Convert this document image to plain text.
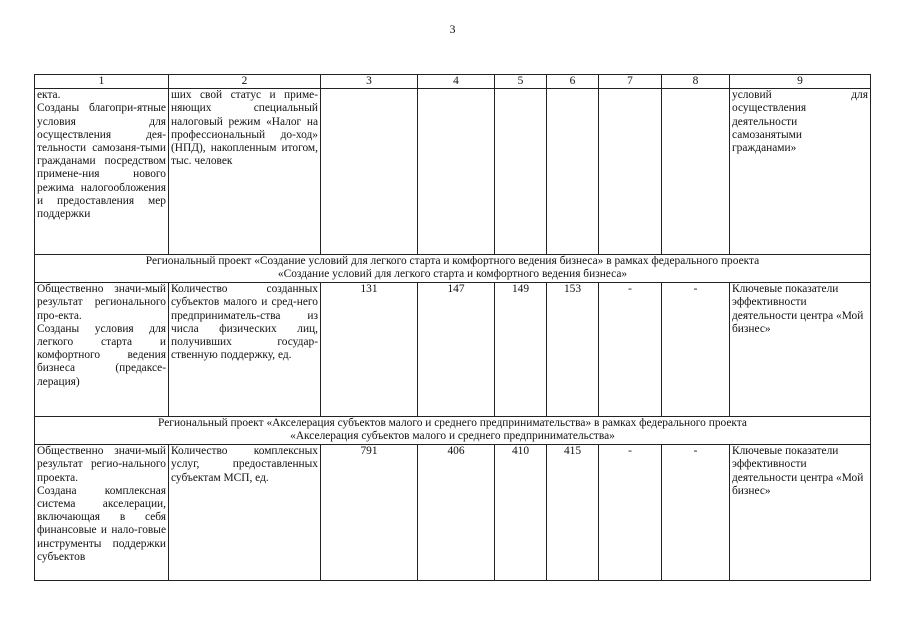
3
1	2	3	4	5	6	7	8	9

екта.
Созданы благопри-ятные условия для осуществления дея-тельности самозаня-тыми гражданами посредством примене-ния нового режима налогообложения и предоставления мер поддержки	ших свой статус и приме-няющих специальный налоговый режим «Налог на профессиональный до-ход» (НПД), накопленным итогом, тыс. человек							условий для осуществления деятельности самозанятыми гражданами»

Региональный проект «Создание условий для легкого старта и комфортного ведения бизнеса» в рамках федерального проекта
«Создание условий для легкого старта и комфортного ведения бизнеса»								

Общественно значи-мый результат регионального про-екта.
Созданы условия для легкого старта и комфортного ведения бизнеса (предаксе-лерация)	Количество созданных субъектов малого и сред-него предприниматель-ства из числа физических лиц, получивших государ-ственную поддержку, ед.	131	147	149	153	-	-	Ключевые показатели эффективности деятельности центра «Мой бизнес»

Региональный проект «Акселерация субъектов малого и среднего предпринимательства» в рамках федерального проекта
«Акселерация субъектов малого и среднего предпринимательства»								

Общественно значи-мый результат регио-нального проекта.
Создана комплексная система акселерации, включающая в себя финансовые и нало-говые инструменты поддержки субъектов	Количество комплексных услуг, предоставленных субъектам МСП, ед.	791	406	410	415	-	-	Ключевые показатели эффективности деятельности центра «Мой бизнес»
